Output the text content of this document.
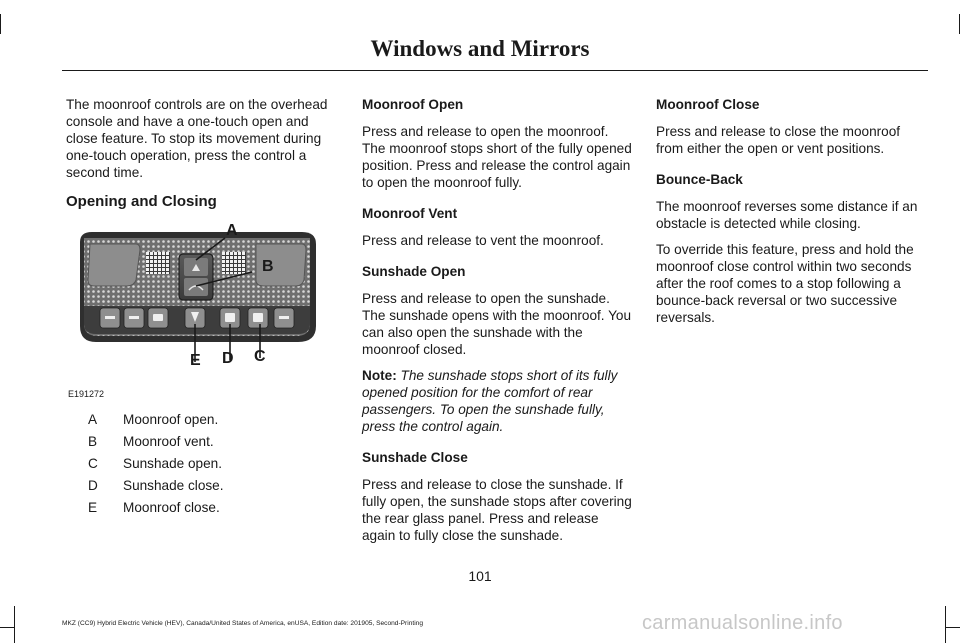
Windows and Mirrors

The moonroof controls are on the overhead console and have a one-touch open and close feature. To stop its movement during one-touch operation, press the control a second time.

Opening and Closing
A
B
C
D
E
E191272
A	Moonroof open.
B	Moonroof vent.
C	Sunshade open.
D	Sunshade close.
E	Moonroof close.
Moonroof Open

Press and release to open the moonroof. The moonroof stops short of the fully opened position. Press and release the control again to open the moonroof fully.

Moonroof Vent

Press and release to vent the moonroof.

Sunshade Open

Press and release to open the sunshade. The sunshade opens with the moonroof. You can also open the sunshade with the moonroof closed.

Note: The sunshade stops short of its fully opened position for the comfort of rear passengers. To open the sunshade fully, press the control again.

Sunshade Close

Press and release to close the sunshade. If fully open, the sunshade stops after covering the rear glass panel. Press and release again to fully close the sunshade.

Moonroof Close

Press and release to close the moonroof from either the open or vent positions.

Bounce-Back

The moonroof reverses some distance if an obstacle is detected while closing.

To override this feature, press and hold the moonroof close control within two seconds after the roof comes to a stop following a bounce-back reversal or two successive reversals.

101
MKZ (CC9) Hybrid Electric Vehicle (HEV), Canada/United States of America, enUSA, Edition date: 201905, Second-Printing	carmanualsonline.info
